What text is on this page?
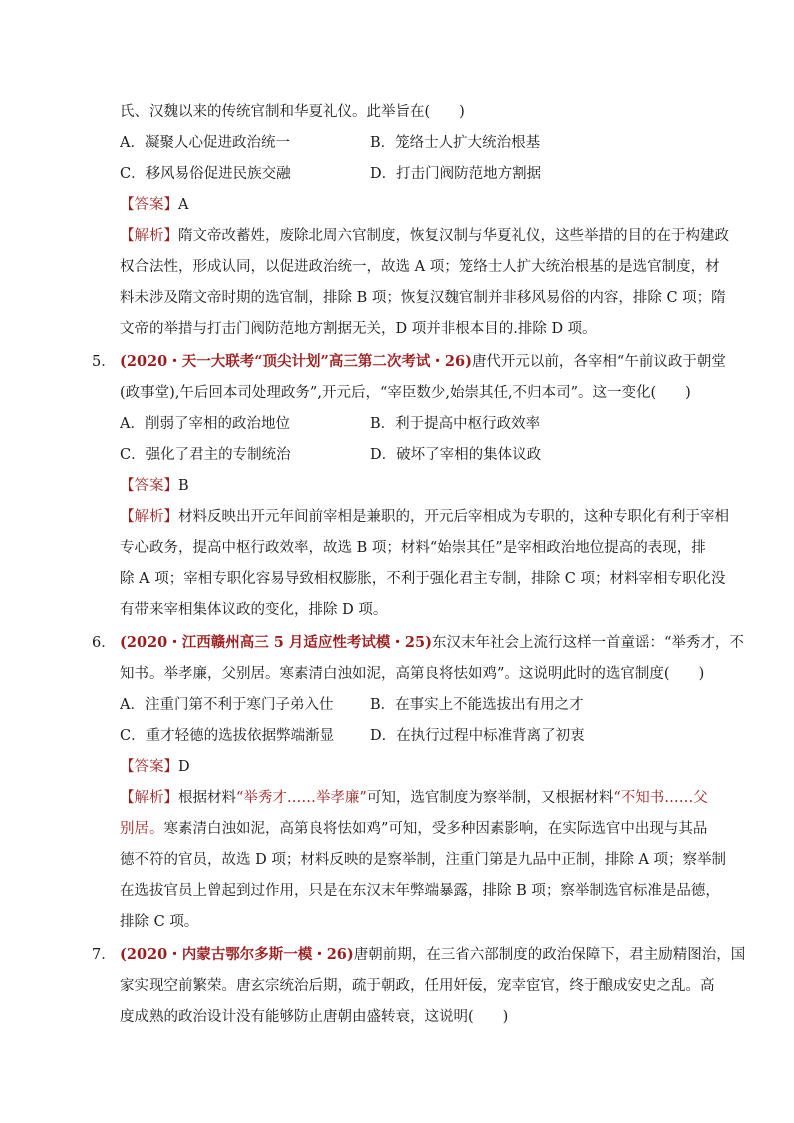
氏、汉魏以来的传统官制和华夏礼仪。此举旨在(　　)
A．凝聚人心促进政治统一	B．笼络士人扩大统治根基
C．移风易俗促进民族交融	D．打击门阀防范地方割据
【答案】A
【解析】隋文帝改蓄姓，废除北周六官制度，恢复汉制与华夏礼仪，这些举措的目的在于构建政
权合法性，形成认同，以促进政治统一，故选 A 项；笼络士人扩大统治根基的是选官制度，材
料未涉及隋文帝时期的选官制，排除 B 项；恢复汉魏官制并非移风易俗的内容，排除 C 项；隋
文帝的举措与打击门阀防范地方割据无关，D 项并非根本目的.排除 D 项。
5． (2020・天一大联考“顶尖计划”高三第二次考试・26)唐代开元以前，各宰相“午前议政于朝堂
(政事堂),午后回本司处理政务”,开元后，“宰臣数少,始崇其任,不归本司”。这一变化(　　)
A．削弱了宰相的政治地位	B．利于提高中枢行政效率
C．强化了君主的专制统治	D．破坏了宰相的集体议政
【答案】B
【解析】材料反映出开元年间前宰相是兼职的，开元后宰相成为专职的，这种专职化有利于宰相
专心政务，提高中枢行政效率，故选 B 项；材料“始崇其任”是宰相政治地位提高的表现，排
除 A 项；宰相专职化容易导致相权膨胀，不利于强化君主专制，排除 C 项；材料宰相专职化没
有带来宰相集体议政的变化，排除 D 项。
6． (2020・江西赣州高三 5 月适应性考试模・25)东汉末年社会上流行这样一首童谣：“举秀才，不
知书。举孝廉，父别居。寒素清白浊如泥，高第良将怯如鸡”。这说明此时的选官制度(　　)
A．注重门第不利于寒门子弟入仕	B．在事实上不能选拔出有用之才
C．重才轻德的选拔依据弊端渐显 D．在执行过程中标准背离了初衷
【答案】D
【解析】根据材料“举秀才……举孝廉”可知，选官制度为察举制，又根据材料“不知书……父
别居。寒素清白浊如泥，高第良将怯如鸡”可知，受多种因素影响，在实际选官中出现与其品
德不符的官员，故选 D 项；材料反映的是察举制，注重门第是九品中正制，排除 A 项；察举制
在选拔官员上曾起到过作用，只是在东汉末年弊端暴露，排除 B 项；察举制选官标准是品德，
排除 C 项。
7． (2020・内蒙古鄂尔多斯一模・26)唐朝前期，在三省六部制度的政治保障下，君主励精图治，国
家实现空前繁荣。唐玄宗统治后期，疏于朝政，任用奸佞，宠幸宦官，终于酿成安史之乱。高
度成熟的政治设计没有能够防止唐朝由盛转衰，这说明(　　)
